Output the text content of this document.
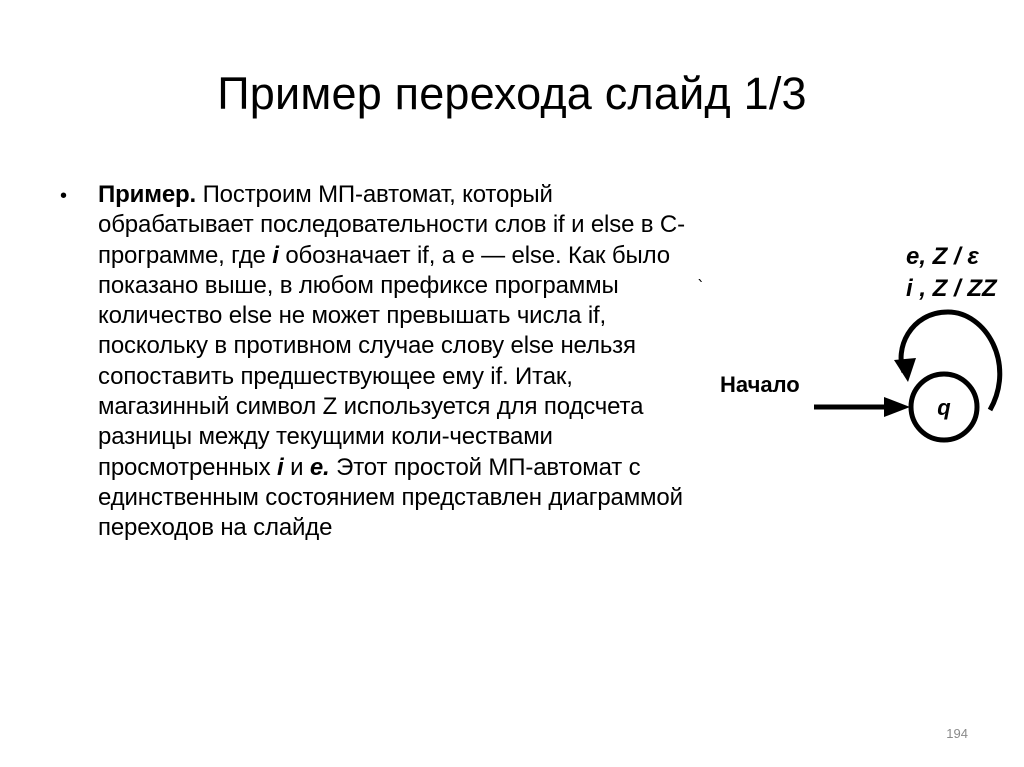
Пример перехода слайд 1/3
•	Пример. Построим МП-автомат, который обрабатывает последовательности слов if и else в С-программе, где i обозначает if, а e — else. Как было показано выше, в любом префиксе программы количество else не может превышать числа if, поскольку в противном случае слову else нельзя сопоставить предшествующее ему if. Итак, магазинный символ Z используется для подсчета разницы между текущими коли-чествами просмотренных i и e. Этот простой МП-автомат с единственным состоянием представлен диаграммой переходов на слайде
e, Z / ε
i , Z / ZZ
`
q
Начало
194
